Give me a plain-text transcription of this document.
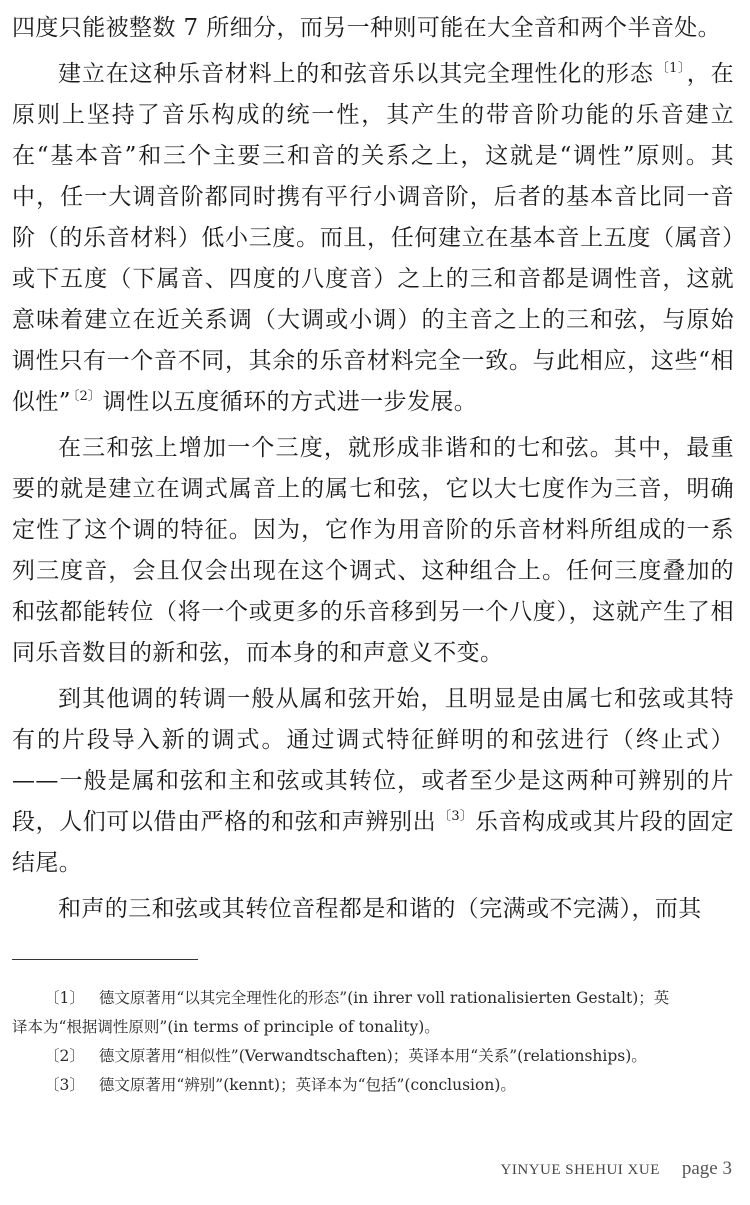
四度只能被整数 7 所细分，而另一种则可能在大全音和两个半音处。

建立在这种乐音材料上的和弦音乐以其完全理性化的形态 $^{〔1〕}$，在原则上坚持了音乐构成的统一性，其产生的带音阶功能的乐音建立在“基本音”和三个主要三和音的关系之上，这就是“调性”原则。其中，任一大调音阶都同时携有平行小调音阶，后者的基本音比同一音阶（的乐音材料）低小三度。而且，任何建立在基本音上五度（属音）或下五度（下属音、四度的八度音）之上的三和音都是调性音，这就意味着建立在近关系调（大调或小调）的主音之上的三和弦，与原始调性只有一个音不同，其余的乐音材料完全一致。与此相应，这些“相似性” $^{〔2〕}$调性以五度循环的方式进一步发展。

在三和弦上增加一个三度，就形成非谐和的七和弦。其中，最重要的就是建立在调式属音上的属七和弦，它以大七度作为三音，明确定性了这个调的特征。因为，它作为用音阶的乐音材料所组成的一系列三度音，会且仅会出现在这个调式、这种组合上。任何三度叠加的和弦都能转位（将一个或更多的乐音移到另一个八度），这就产生了相同乐音数目的新和弦，而本身的和声意义不变。

到其他调的转调一般从属和弦开始，且明显是由属七和弦或其特有的片段导入新的调式。通过调式特征鲜明的和弦进行（终止式）——一般是属和弦和主和弦或其转位，或者至少是这两种可辨别的片段，人们可以借由严格的和弦和声辨别出 $^{〔3〕}$乐音构成或其片段的固定结尾。

和声的三和弦或其转位音程都是和谐的（完满或不完满），而其

〔1〕 德文原著用“以其完全理性化的形态”(in ihrer voll rationalisierten Gestalt)；英

译本为“根据调性原则”(in terms of principle of tonality)。

〔2〕 德文原著用“相似性”(Verwandtschaften)；英译本用“关系”(relationships)。

〔3〕 德文原著用“辨别”(kennt)；英译本为“包括”(conclusion)。

YINYUE SHEHUI XUE page 3
